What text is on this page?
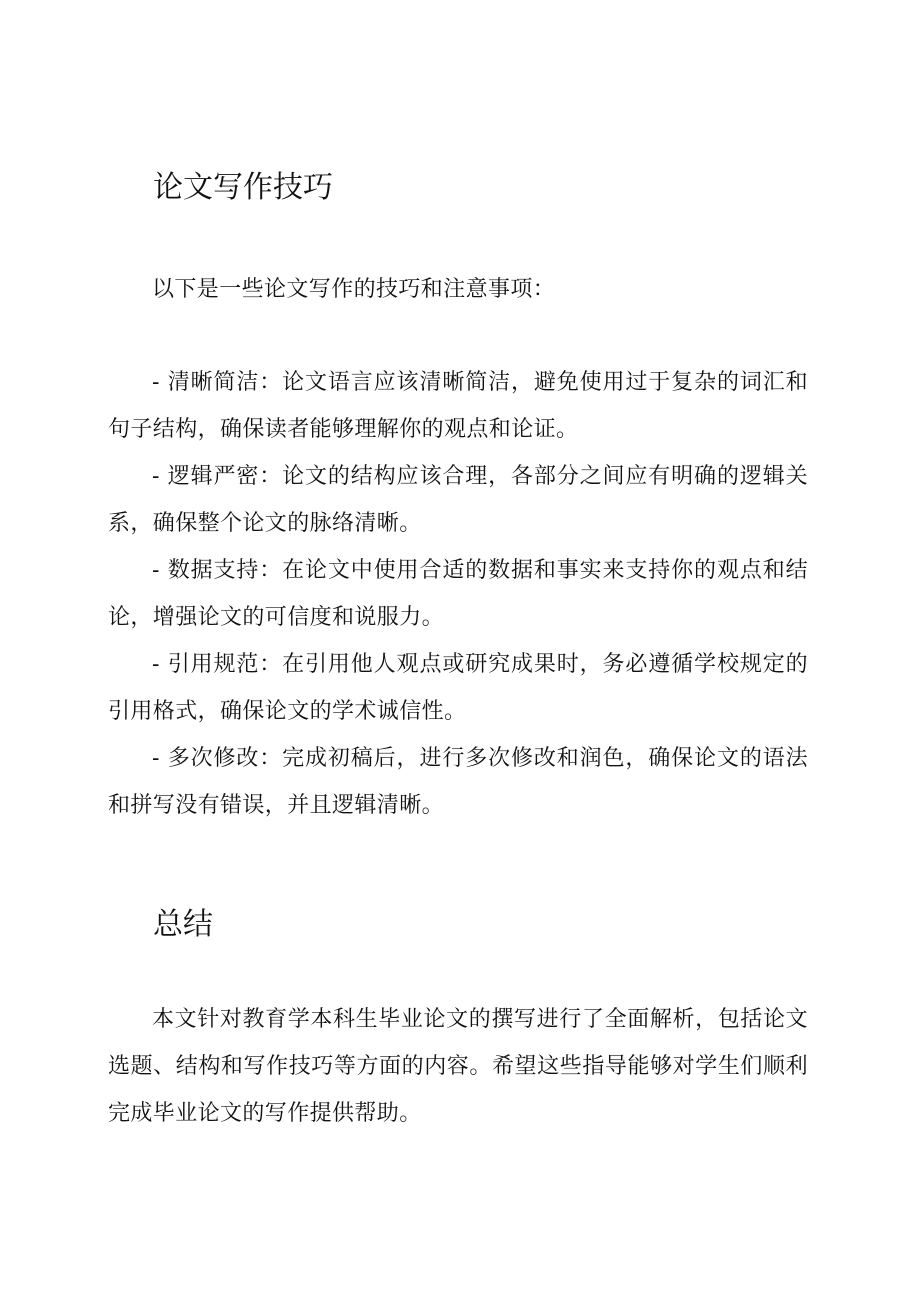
论文写作技巧

以下是一些论文写作的技巧和注意事项：

- 清晰简洁：论文语言应该清晰简洁，避免使用过于复杂的词汇和句子结构，确保读者能够理解你的观点和论证。

- 逻辑严密：论文的结构应该合理，各部分之间应有明确的逻辑关系，确保整个论文的脉络清晰。

- 数据支持：在论文中使用合适的数据和事实来支持你的观点和结论，增强论文的可信度和说服力。

- 引用规范：在引用他人观点或研究成果时，务必遵循学校规定的引用格式，确保论文的学术诚信性。

- 多次修改：完成初稿后，进行多次修改和润色，确保论文的语法和拼写没有错误，并且逻辑清晰。

总结

本文针对教育学本科生毕业论文的撰写进行了全面解析，包括论文选题、结构和写作技巧等方面的内容。希望这些指导能够对学生们顺利完成毕业论文的写作提供帮助。
